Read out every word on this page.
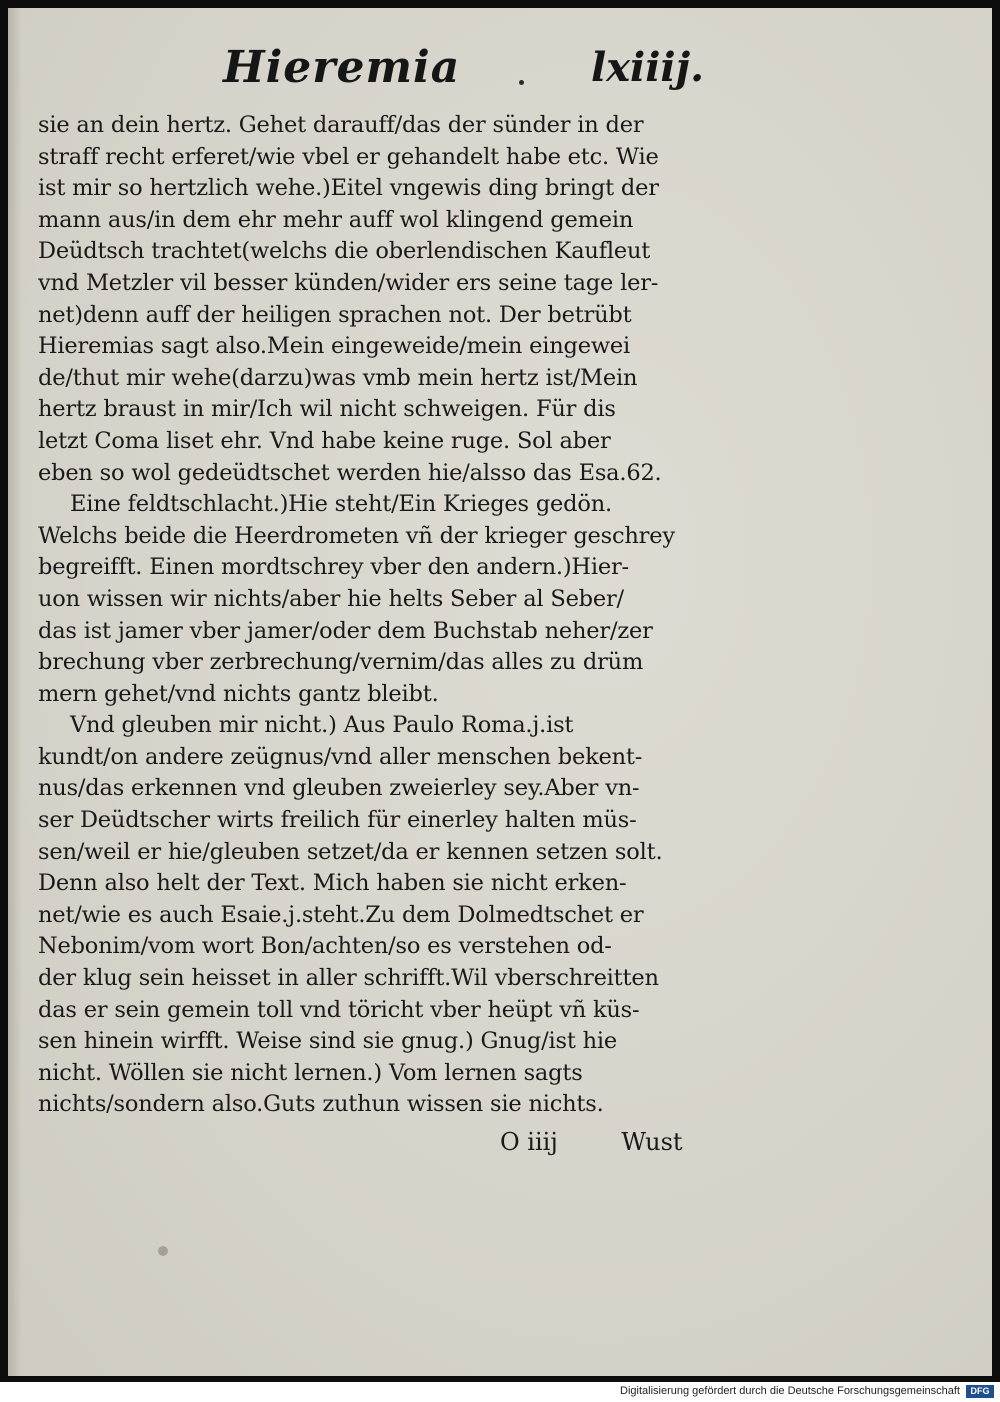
Hieremia	lxiiij.
sie an dein hertz. Gehet darauff/das der sünder in der
straff recht erferet/wie vbel er gehandelt habe etc. Wie
ist mir so hertzlich wehe.)Eitel vngewis ding bringt der
mann aus/in dem ehr mehr auff wol klingend gemein
Deüdtsch trachtet(welchs die oberlendischen Kaufleut
vnd Metzler vil besser künden/wider ers seine tage ler-
net)denn auff der heiligen sprachen not. Der betrübt
Hieremias sagt also.Mein eingeweide/mein eingewei
de/thut mir wehe(darzu)was vmb mein hertz ist/Mein
hertz braust in mir/Ich wil nicht schweigen. Für dis
letzt Coma liset ehr. Vnd habe keine ruge. Sol aber
eben so wol gedeüdtschet werden hie/alsso das Esa.62.
Eine feldtschlacht.)Hie steht/Ein Krieges gedön.
Welchs beide die Heerdrometen vñ der krieger geschrey
begreifft. Einen mordtschrey vber den andern.)Hier-
uon wissen wir nichts/aber hie helts Seber al Seber/
das ist jamer vber jamer/oder dem Buchstab neher/zer
brechung vber zerbrechung/vernim/das alles zu drüm
mern gehet/vnd nichts gantz bleibt.
Vnd gleuben mir nicht.) Aus Paulo Roma.j.ist
kundt/on andere zeügnus/vnd aller menschen bekent-
nus/das erkennen vnd gleuben zweierley sey.Aber vn-
ser Deüdtscher wirts freilich für einerley halten müs-
sen/weil er hie/gleuben setzet/da er kennen setzen solt.
Denn also helt der Text. Mich haben sie nicht erken-
net/wie es auch Esaie.j.steht.Zu dem Dolmedtschet er
Nebonim/vom wort Bon/achten/so es verstehen od-
der klug sein heisset in aller schrifft.Wil vberschreitten
das er sein gemein toll vnd töricht vber heüpt vñ küs-
sen hinein wirfft. Weise sind sie gnug.) Gnug/ist hie
nicht. Wöllen sie nicht lernen.) Vom lernen sagts
nichts/sondern also.Guts zuthun wissen sie nichts.
O iiij	Wust
Digitalisierung gefördert durch die Deutsche Forschungsgemeinschaft	DFG
